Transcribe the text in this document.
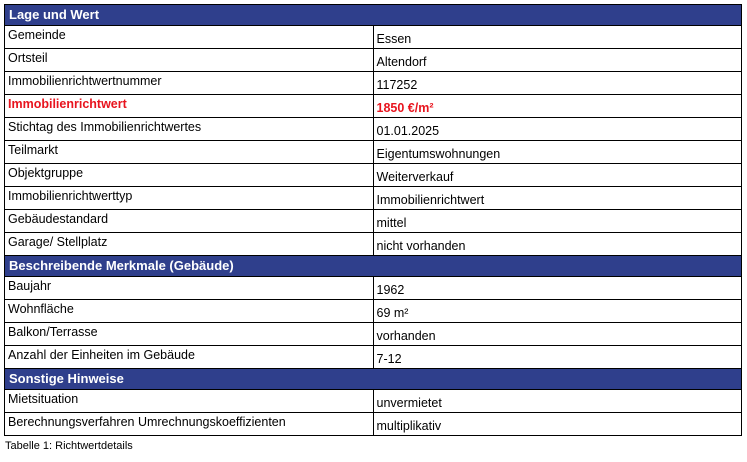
Lage und Wert	
Gemeinde	Essen
Ortsteil	Altendorf
Immobilienrichtwertnummer	117252
Immobilienrichtwert	1850 €/m²
Stichtag des Immobilienrichtwertes	01.01.2025
Teilmarkt	Eigentumswohnungen
Objektgruppe	Weiterverkauf
Immobilienrichtwerttyp	Immobilienrichtwert
Gebäudestandard	mittel
Garage/ Stellplatz	nicht vorhanden
Beschreibende Merkmale (Gebäude)	
Baujahr	1962
Wohnfläche	69 m²
Balkon/Terrasse	vorhanden
Anzahl der Einheiten im Gebäude	7-12
Sonstige Hinweise	
Mietsituation	unvermietet
Berechnungsverfahren Umrechnungskoeffizienten	multiplikativ
Tabelle 1: Richtwertdetails
